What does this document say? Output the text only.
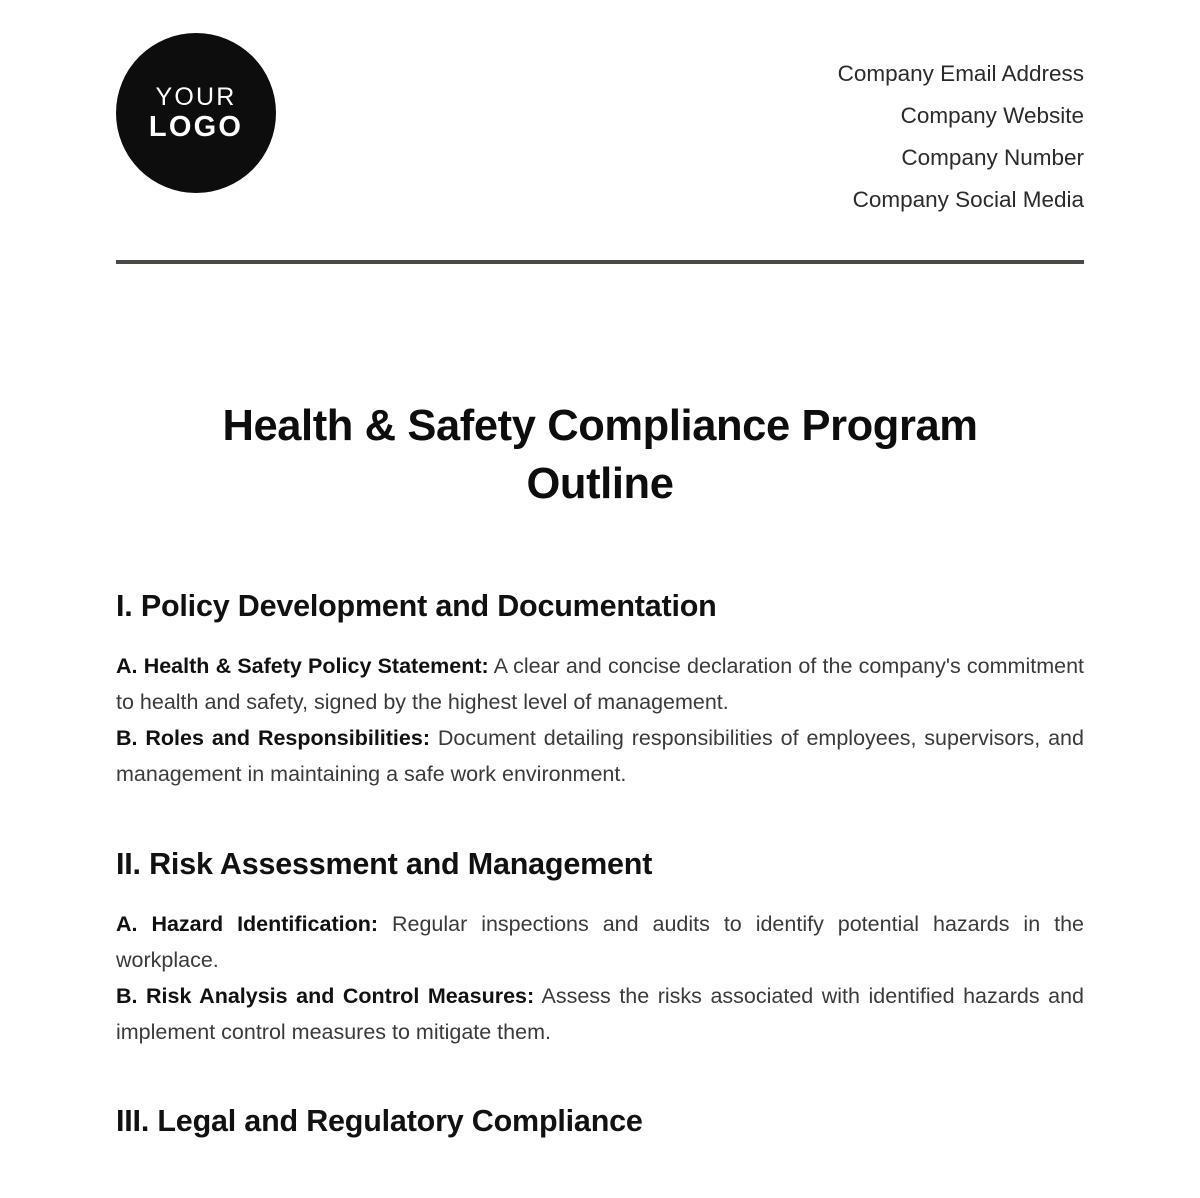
YOUR
LOGO
Company Email Address
Company Website
Company Number
Company Social Media
Health & Safety Compliance Program Outline
I. Policy Development and Documentation

A. Health & Safety Policy Statement: A clear and concise declaration of the company's commitment to health and safety, signed by the highest level of management.

B. Roles and Responsibilities: Document detailing responsibilities of employees, supervisors, and management in maintaining a safe work environment.

II. Risk Assessment and Management

A. Hazard Identification: Regular inspections and audits to identify potential hazards in the workplace.

B. Risk Analysis and Control Measures: Assess the risks associated with identified hazards and implement control measures to mitigate them.

III. Legal and Regulatory Compliance
